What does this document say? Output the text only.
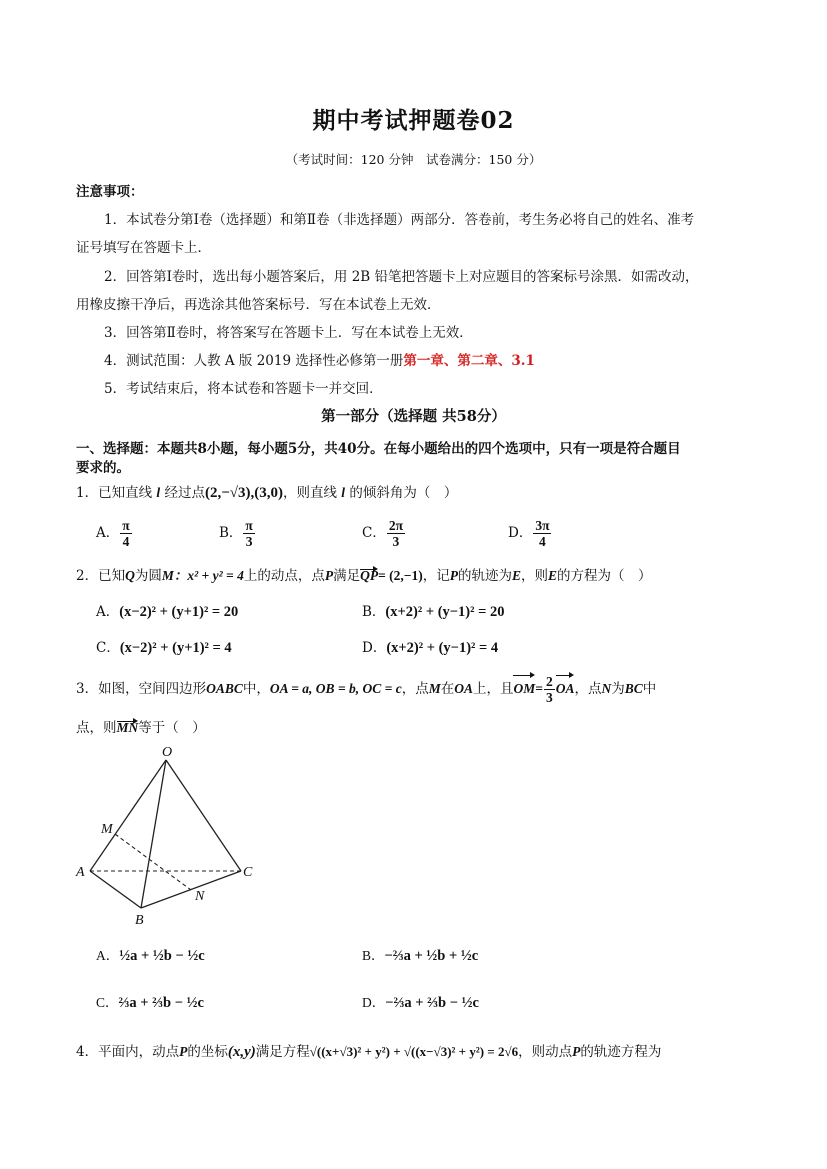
期中考试押题卷02
（考试时间：120 分钟　试卷满分：150 分）
注意事项：
1．本试卷分第Ⅰ卷（选择题）和第Ⅱ卷（非选择题）两部分．答卷前，考生务必将自己的姓名、准考
证号填写在答题卡上．
2．回答第Ⅰ卷时，选出每小题答案后，用 2B 铅笔把答题卡上对应题目的答案标号涂黑．如需改动，
用橡皮擦干净后，再选涂其他答案标号．写在本试卷上无效．
3．回答第Ⅱ卷时，将答案写在答题卡上．写在本试卷上无效．
4．测试范围：人教 A 版 2019 选择性必修第一册第一章、第二章、3.1
5．考试结束后，将本试卷和答题卡一并交回．
第一部分（选择题 共58分）
一、选择题：本题共8小题，每小题5分，共40分。在每小题给出的四个选项中，只有一项是符合题目
要求的。
1．已知直线 l 经过点(2,−√3),(3,0)，则直线 l 的倾斜角为（　）
A． $\frac{\pi}{4}$	B． $\frac{\pi}{3}$	C． $\frac{2\pi}{3}$	D． $\frac{3\pi}{4}$
2．已知Q为圆M：x² + y² = 4上的动点，点P满足QP= (2,−1)，记P的轨迹为E，则E的方程为（　）
A．(x−2)² + (y+1)² = 20	B．(x+2)² + (y−1)² = 20
C．(x−2)² + (y+1)² = 4	D．(x+2)² + (y−1)² = 4
3．如图，空间四边形OABC中，OA = a, OB = b, OC = c，点M在OA上，且$OM= \frac{2}{3}$ OA，点N为BC中
点，则MN等于（　）
O
M
A
B
C
N
A．½a + ½b − ½c	B．−⅔a + ½b + ½c
C．⅔a + ⅔b − ½c	D．−⅔a + ⅔b − ½c
4．平面内，动点P的坐标(x,y)满足方程√((x+√3)² + y²) + √((x−√3)² + y²) = 2√6，则动点P的轨迹方程为
